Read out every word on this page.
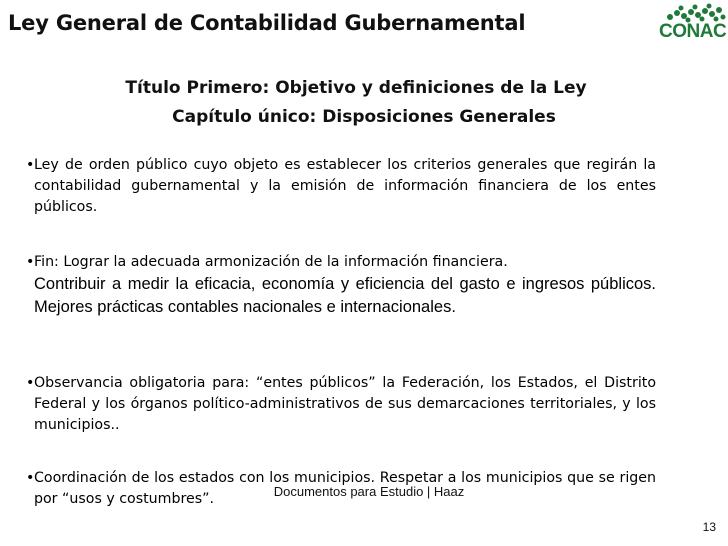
Ley General de Contabilidad Gubernamental	CONAC
Título Primero: Objetivo y definiciones de la Ley
Capítulo único: Disposiciones Generales
• Ley de orden público cuyo objeto es establecer los criterios generales que regirán la contabilidad gubernamental y la emisión de información financiera de los entes públicos.
• Fin: Lograr la adecuada armonización de la información financiera.
Contribuir a medir la eficacia, economía y eficiencia del gasto e ingresos públicos. Mejores prácticas contables nacionales e internacionales.
• Observancia obligatoria para: “entes públicos” la Federación, los Estados, el Distrito Federal y los órganos político-administrativos de sus demarcaciones territoriales, y los municipios..
• Coordinación de los estados con los municipios. Respetar a los municipios que se rigen por “usos y costumbres”.	Documentos para Estudio | Haaz
13
